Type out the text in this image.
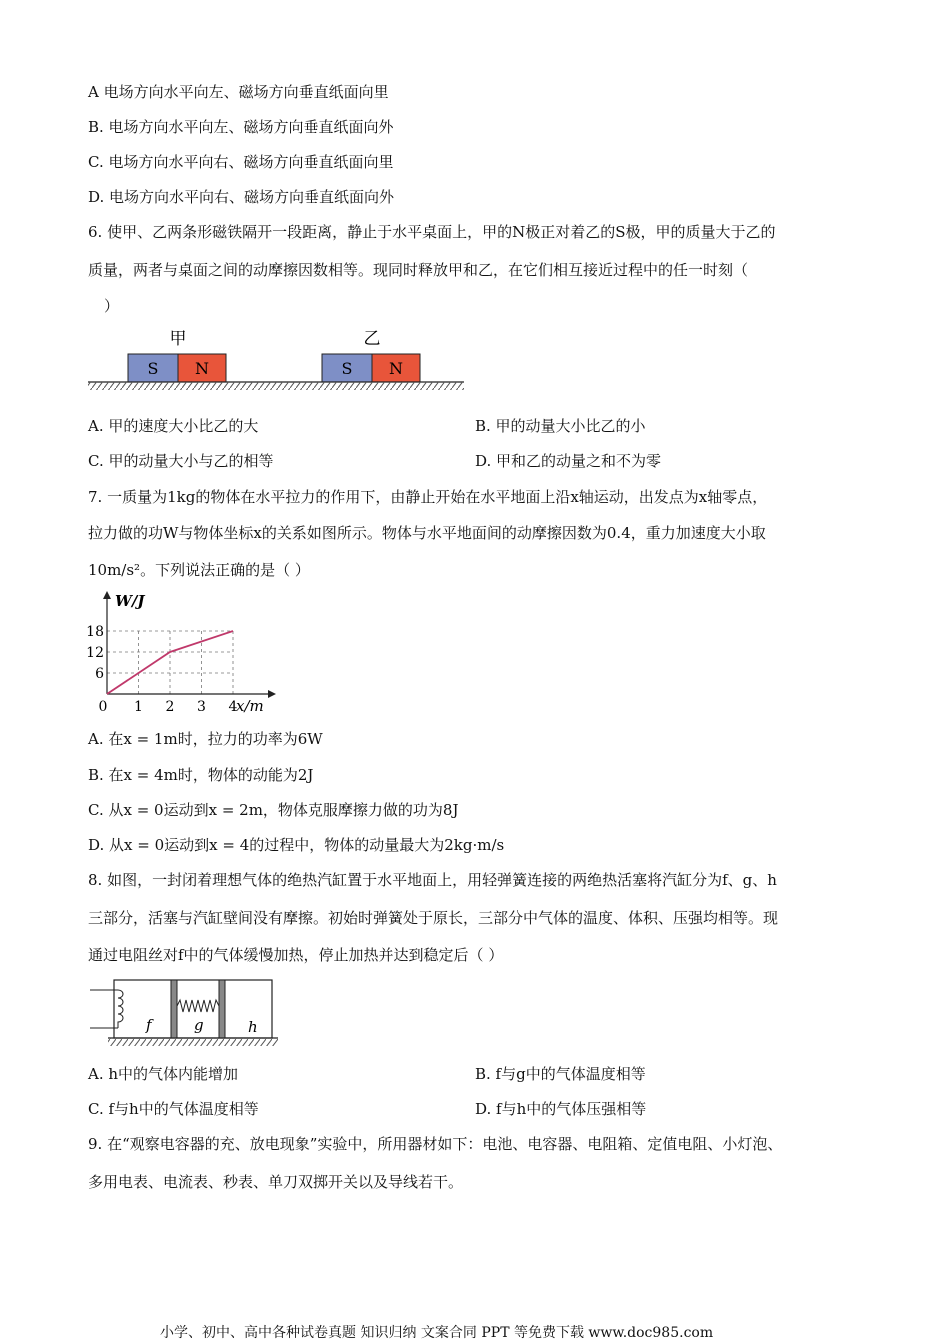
A 电场方向水平向左、磁场方向垂直纸面向里
B. 电场方向水平向左、磁场方向垂直纸面向外
C. 电场方向水平向右、磁场方向垂直纸面向里
D. 电场方向水平向右、磁场方向垂直纸面向外
6. 使甲、乙两条形磁铁隔开一段距离，静止于水平桌面上，甲的N极正对着乙的S极，甲的质量大于乙的
质量，两者与桌面之间的动摩擦因数相等。现同时释放甲和乙，在它们相互接近过程中的任一时刻（
）
甲	乙
S N	S N
A. 甲的速度大小比乙的大	B. 甲的动量大小比乙的小
C. 甲的动量大小与乙的相等	D. 甲和乙的动量之和不为零
7. 一质量为1kg的物体在水平拉力的作用下，由静止开始在水平地面上沿x轴运动，出发点为x轴零点，
拉力做的功W与物体坐标x的关系如图所示。物体与水平地面间的动摩擦因数为0.4，重力加速度大小取
10m/s²。下列说法正确的是（ ）
0 1 2 3 4
6
12
18
W/J
x/m
A. 在x = 1m时，拉力的功率为6W
B. 在x = 4m时，物体的动能为2J
C. 从x = 0运动到x = 2m，物体克服摩擦力做的功为8J
D. 从x = 0运动到x = 4的过程中，物体的动量最大为2kg·m/s
8. 如图，一封闭着理想气体的绝热汽缸置于水平地面上，用轻弹簧连接的两绝热活塞将汽缸分为f、g、h
三部分，活塞与汽缸壁间没有摩擦。初始时弹簧处于原长，三部分中气体的温度、体积、压强均相等。现
通过电阻丝对f中的气体缓慢加热，停止加热并达到稳定后（ ）
f	g	h
A. h中的气体内能增加	B. f与g中的气体温度相等
C. f与h中的气体温度相等	D. f与h中的气体压强相等
9. 在“观察电容器的充、放电现象”实验中，所用器材如下：电池、电容器、电阻箱、定值电阻、小灯泡、
多用电表、电流表、秒表、单刀双掷开关以及导线若干。
小学、初中、高中各种试卷真题 知识归纳 文案合同 PPT 等免费下载 www.doc985.com
